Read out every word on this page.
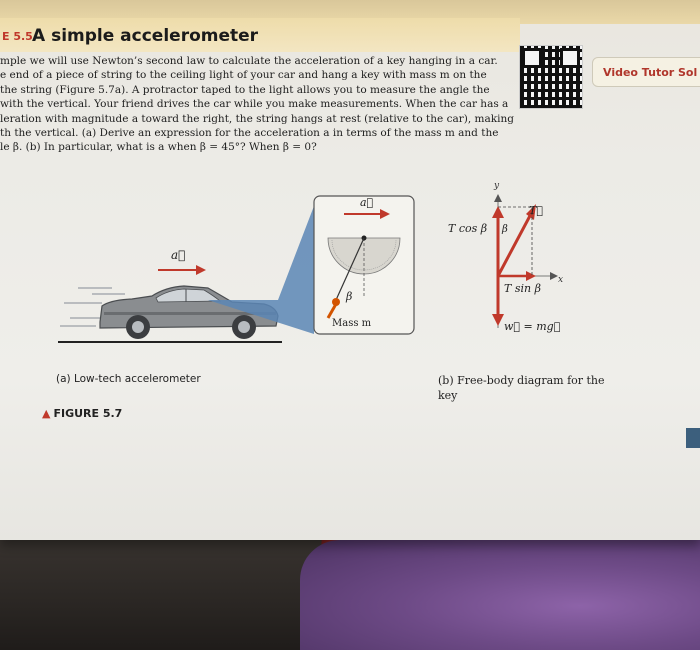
E 5.5 A simple accelerometer
mple we will use Newton’s second law to calculate the acceleration of a key hanging in a car.
e end of a piece of string to the ceiling light of your car and hang a key with mass m on the
the string (Figure 5.7a). A protractor taped to the light allows you to measure the angle the
with the vertical. Your friend drives the car while you make measurements. When the car has a
leration with magnitude a toward the right, the string hangs at rest (relative to the car), making
th the vertical. (a) Derive an expression for the acceleration a in terms of the mass m and the
le β. (b) In particular, what is a when β = 45°? When β = 0?
Video Tutor Sol
a⃗
a⃗
β
Mass m
y
x
T cos β β
T⃗
T sin β
w⃗ = mg⃗
(a) Low-tech accelerometer	(b) Free-body diagram for the key
▲ FIGURE 5.7
